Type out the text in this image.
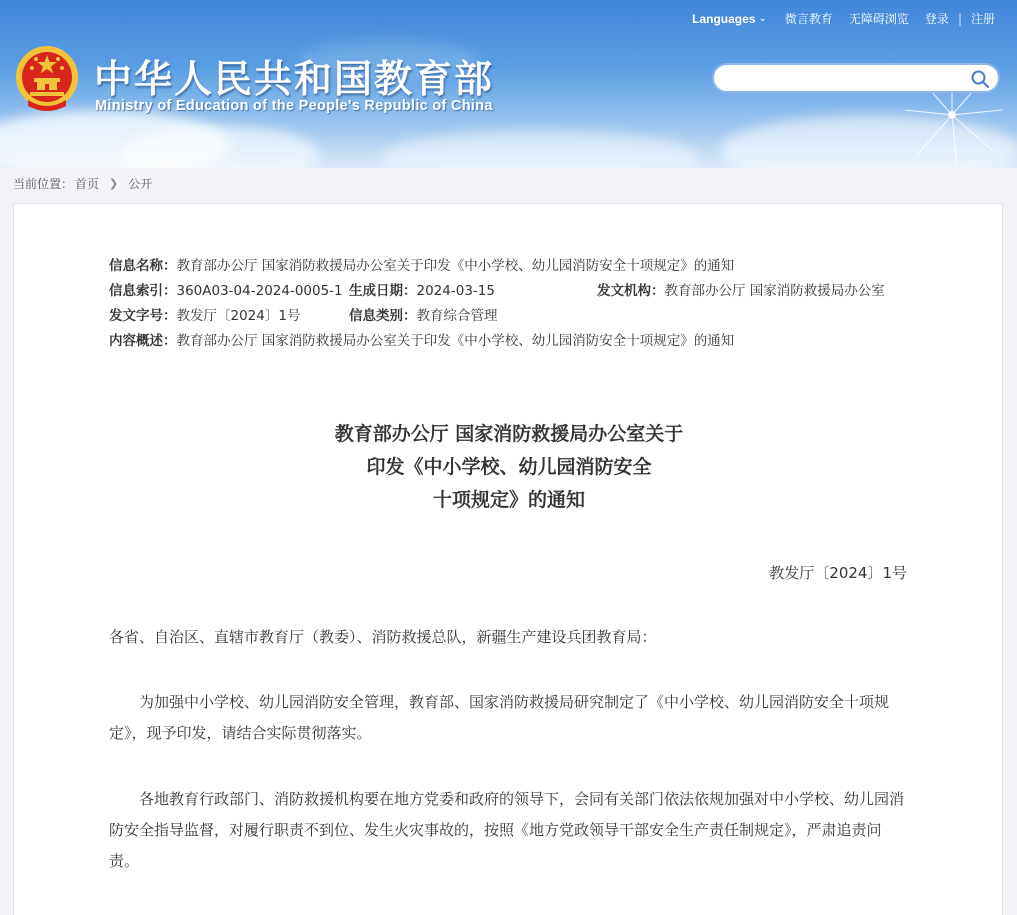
中华人民共和国教育部
Ministry of Education of the People's Republic of China
Languages ⌄ 微言教育 无障碍浏览 登录 | 注册
当前位置： 首页 ❯ 公开
信息名称：教育部办公厅 国家消防救援局办公室关于印发《中小学校、幼儿园消防安全十项规定》的通知
信息索引：360A03-04-2024-0005-1 生成日期：2024-03-15	发文机构：教育部办公厅 国家消防救援局办公室
发文字号：教发厅〔2024〕1号	信息类别：教育综合管理
内容概述：教育部办公厅 国家消防救援局办公室关于印发《中小学校、幼儿园消防安全十项规定》的通知
教育部办公厅 国家消防救援局办公室关于
印发《中小学校、幼儿园消防安全
十项规定》的通知
教发厅〔2024〕1号

各省、自治区、直辖市教育厅（教委）、消防救援总队，新疆生产建设兵团教育局：

为加强中小学校、幼儿园消防安全管理，教育部、国家消防救援局研究制定了《中小学校、幼儿园消防安全十项规定》，现予印发，请结合实际贯彻落实。

各地教育行政部门、消防救援机构要在地方党委和政府的领导下，会同有关部门依法依规加强对中小学校、幼儿园消防安全指导监督，对履行职责不到位、发生火灾事故的，按照《地方党政领导干部安全生产责任制规定》，严肃追责问责。
